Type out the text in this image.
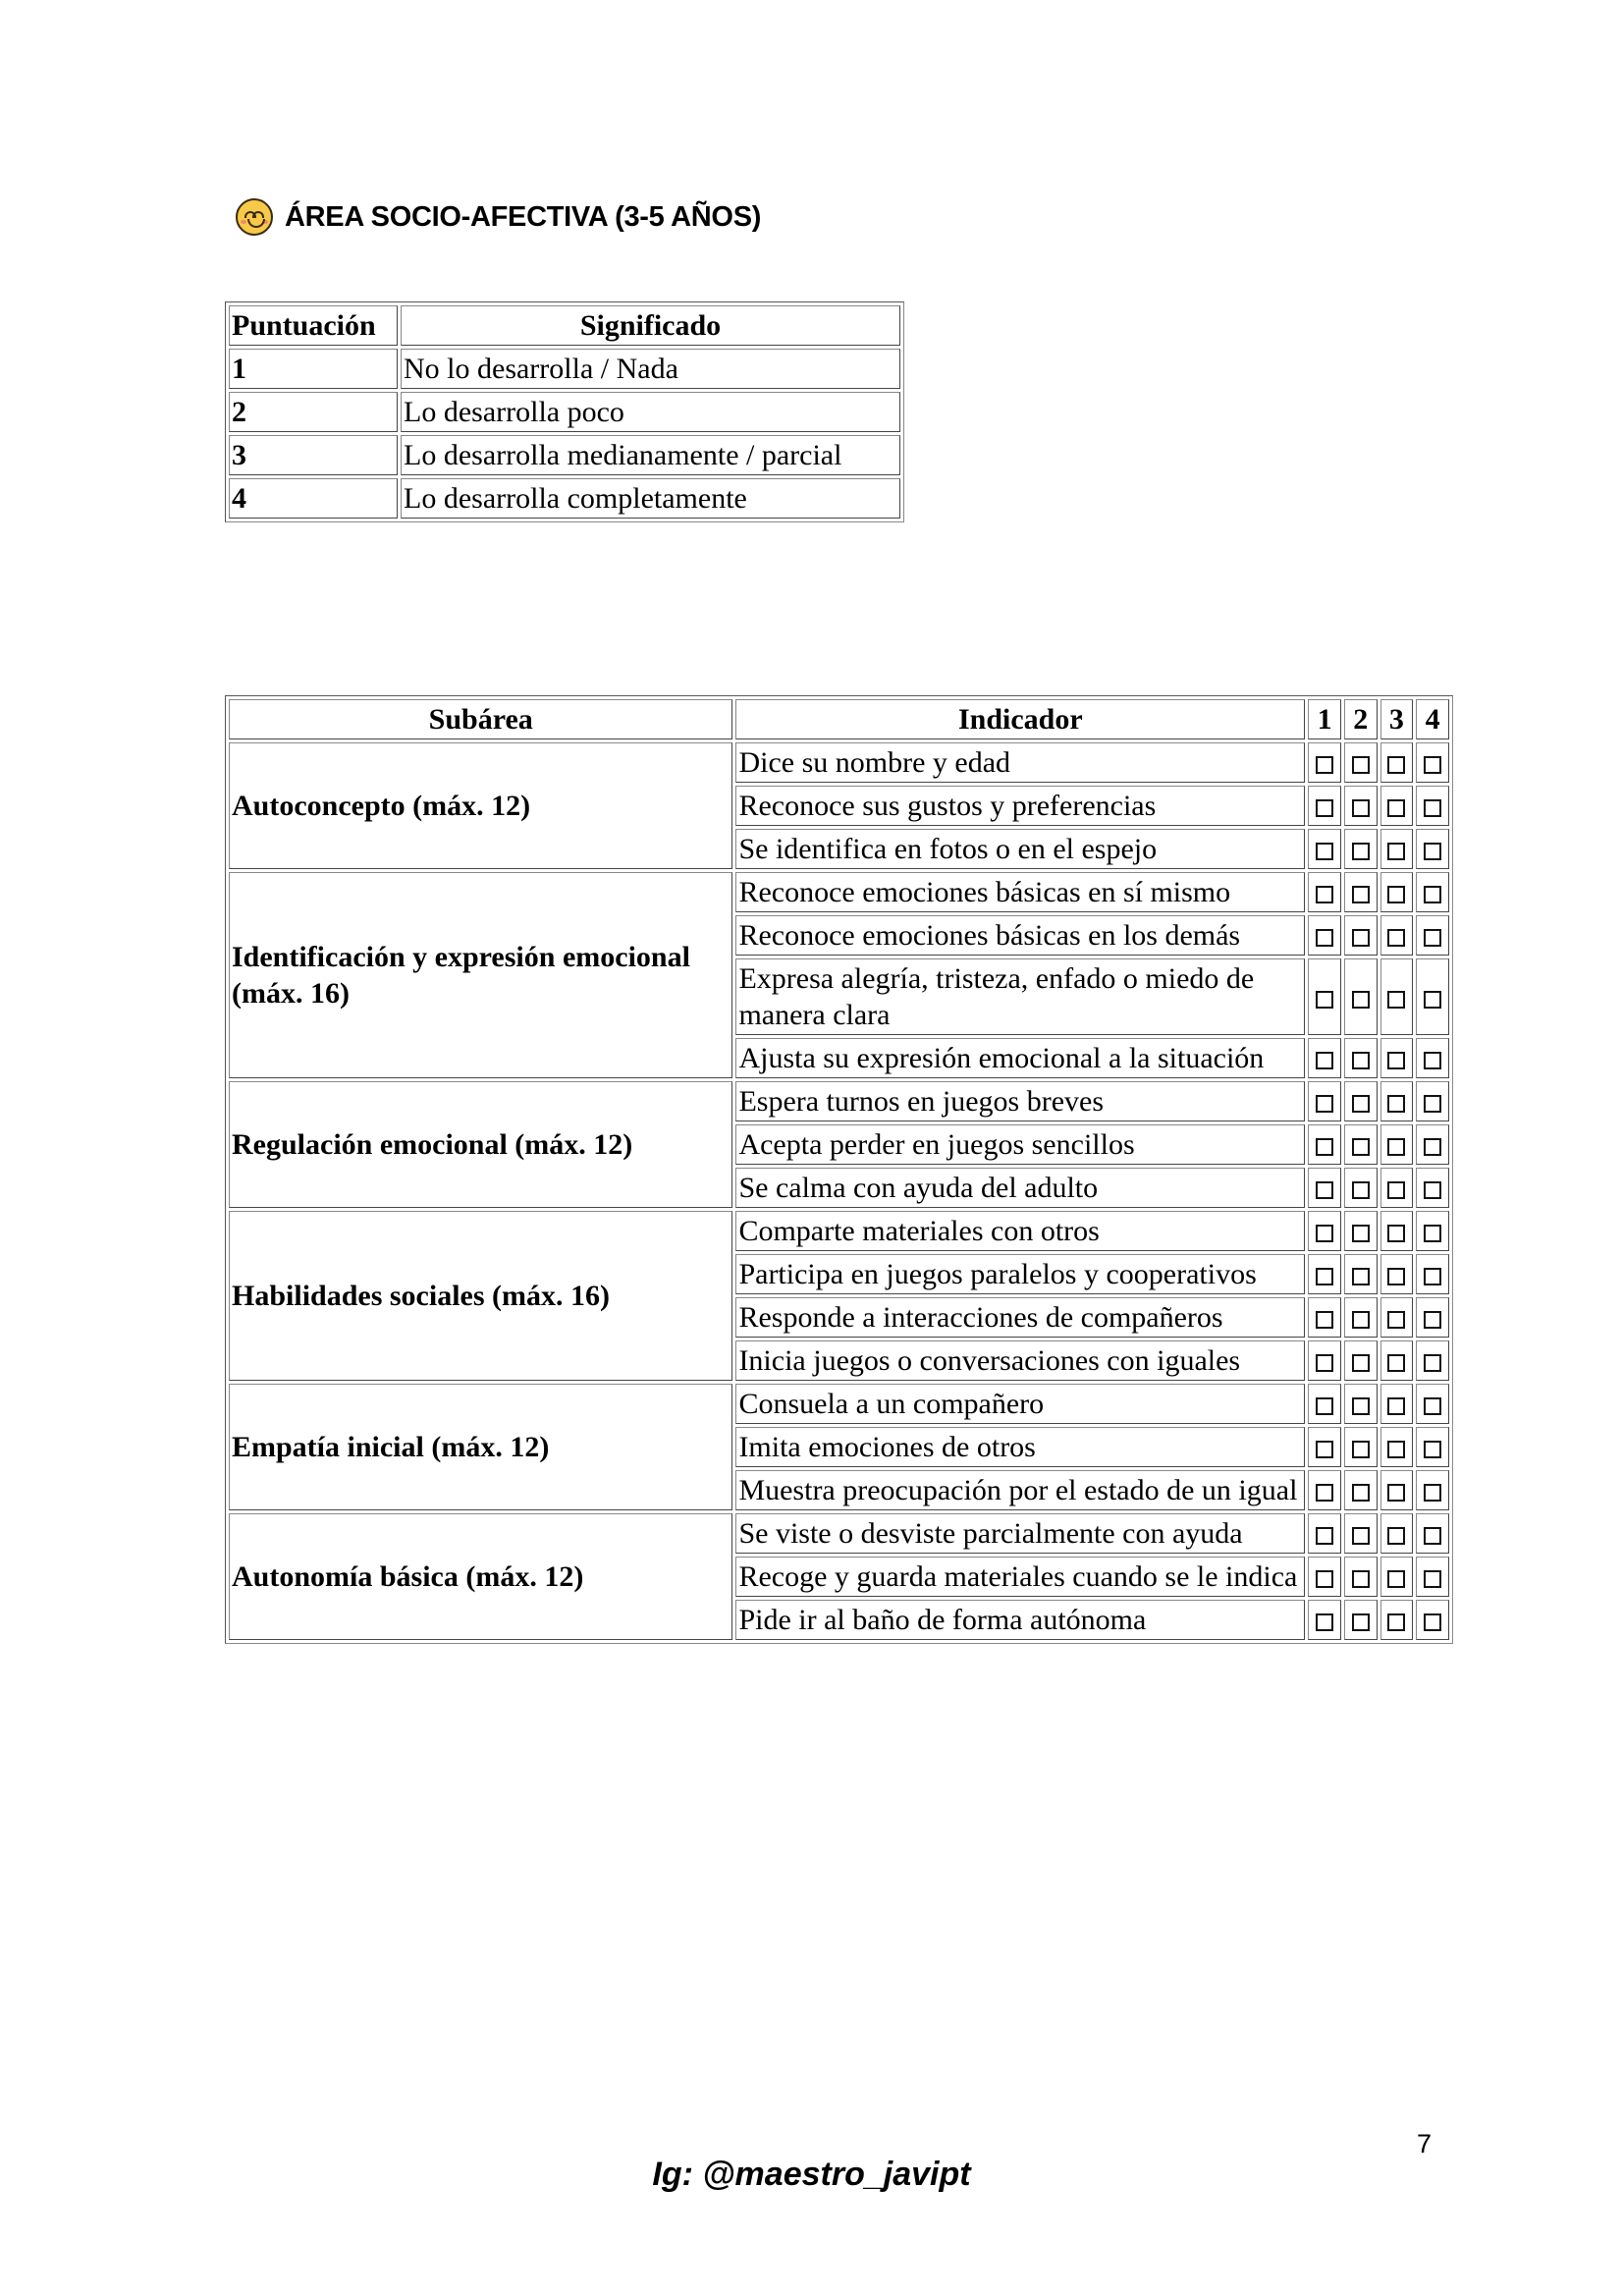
ÁREA SOCIO-AFECTIVA (3-5 AÑOS)
Puntuación	Significado
1	No lo desarrolla / Nada
2	Lo desarrolla poco
3	Lo desarrolla medianamente / parcial
4	Lo desarrolla completamente
Subárea	Indicador	1	2	3	4
Autoconcepto (máx. 12)	Dice su nombre y edad				
	Reconoce sus gustos y preferencias				
	Se identifica en fotos o en el espejo				
Identificación y expresión emocional (máx. 16)	Reconoce emociones básicas en sí mismo				
	Reconoce emociones básicas en los demás				
	Expresa alegría, tristeza, enfado o miedo de manera clara				
	Ajusta su expresión emocional a la situación				
Regulación emocional (máx. 12)	Espera turnos en juegos breves				
	Acepta perder en juegos sencillos				
	Se calma con ayuda del adulto				
Habilidades sociales (máx. 16)	Comparte materiales con otros				
	Participa en juegos paralelos y cooperativos				
	Responde a interacciones de compañeros				
	Inicia juegos o conversaciones con iguales				
Empatía inicial (máx. 12)	Consuela a un compañero				
	Imita emociones de otros				
	Muestra preocupación por el estado de un igual				
Autonomía básica (máx. 12)	Se viste o desviste parcialmente con ayuda				
	Recoge y guarda materiales cuando se le indica				
	Pide ir al baño de forma autónoma				
7
Ig: @maestro_javipt
